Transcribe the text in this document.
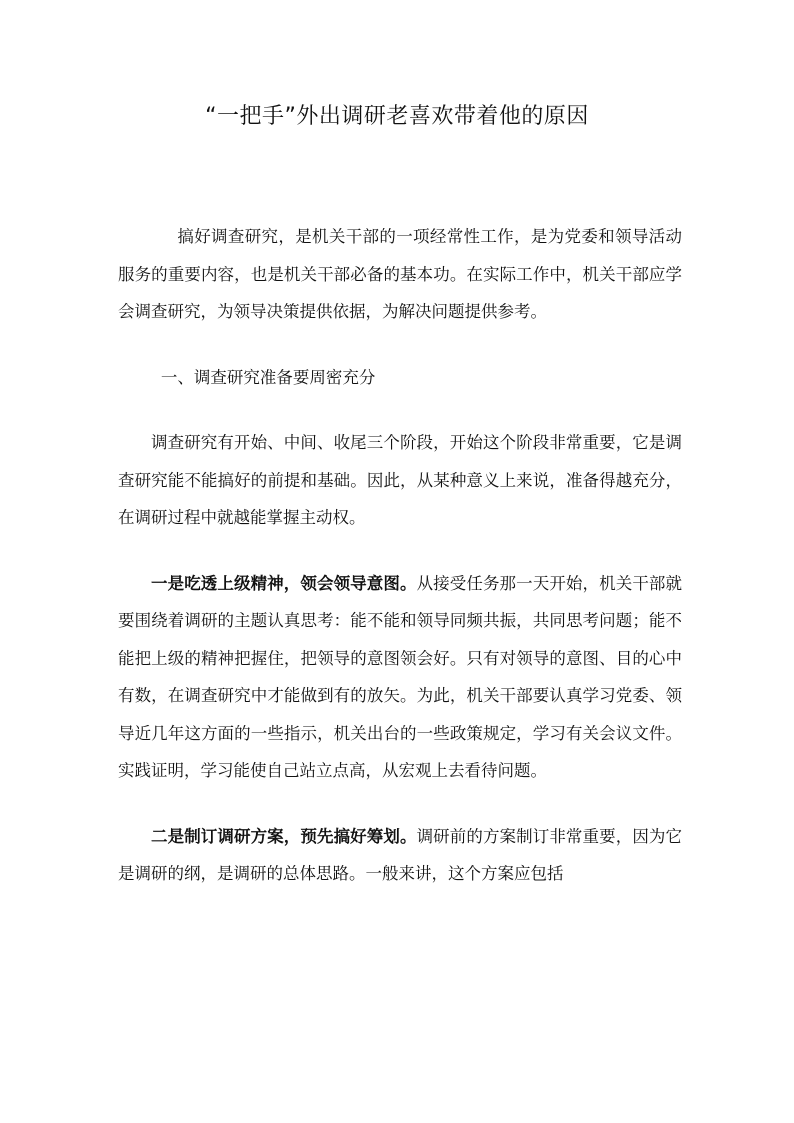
“一把手”外出调研老喜欢带着他的原因

搞好调查研究，是机关干部的一项经常性工作，是为党委和领导活动服务的重要内容，也是机关干部必备的基本功。在实际工作中，机关干部应学会调查研究，为领导决策提供依据，为解决问题提供参考。

一、调查研究准备要周密充分

调查研究有开始、中间、收尾三个阶段，开始这个阶段非常重要，它是调查研究能不能搞好的前提和基础。因此，从某种意义上来说，准备得越充分，在调研过程中就越能掌握主动权。

一是吃透上级精神，领会领导意图。从接受任务那一天开始，机关干部就要围绕着调研的主题认真思考：能不能和领导同频共振，共同思考问题；能不能把上级的精神把握住，把领导的意图领会好。只有对领导的意图、目的心中有数，在调查研究中才能做到有的放矢。为此，机关干部要认真学习党委、领导近几年这方面的一些指示，机关出台的一些政策规定，学习有关会议文件。实践证明，学习能使自己站立点高，从宏观上去看待问题。

二是制订调研方案，预先搞好筹划。调研前的方案制订非常重要，因为它是调研的纲，是调研的总体思路。一般来讲，这个方案应包括
